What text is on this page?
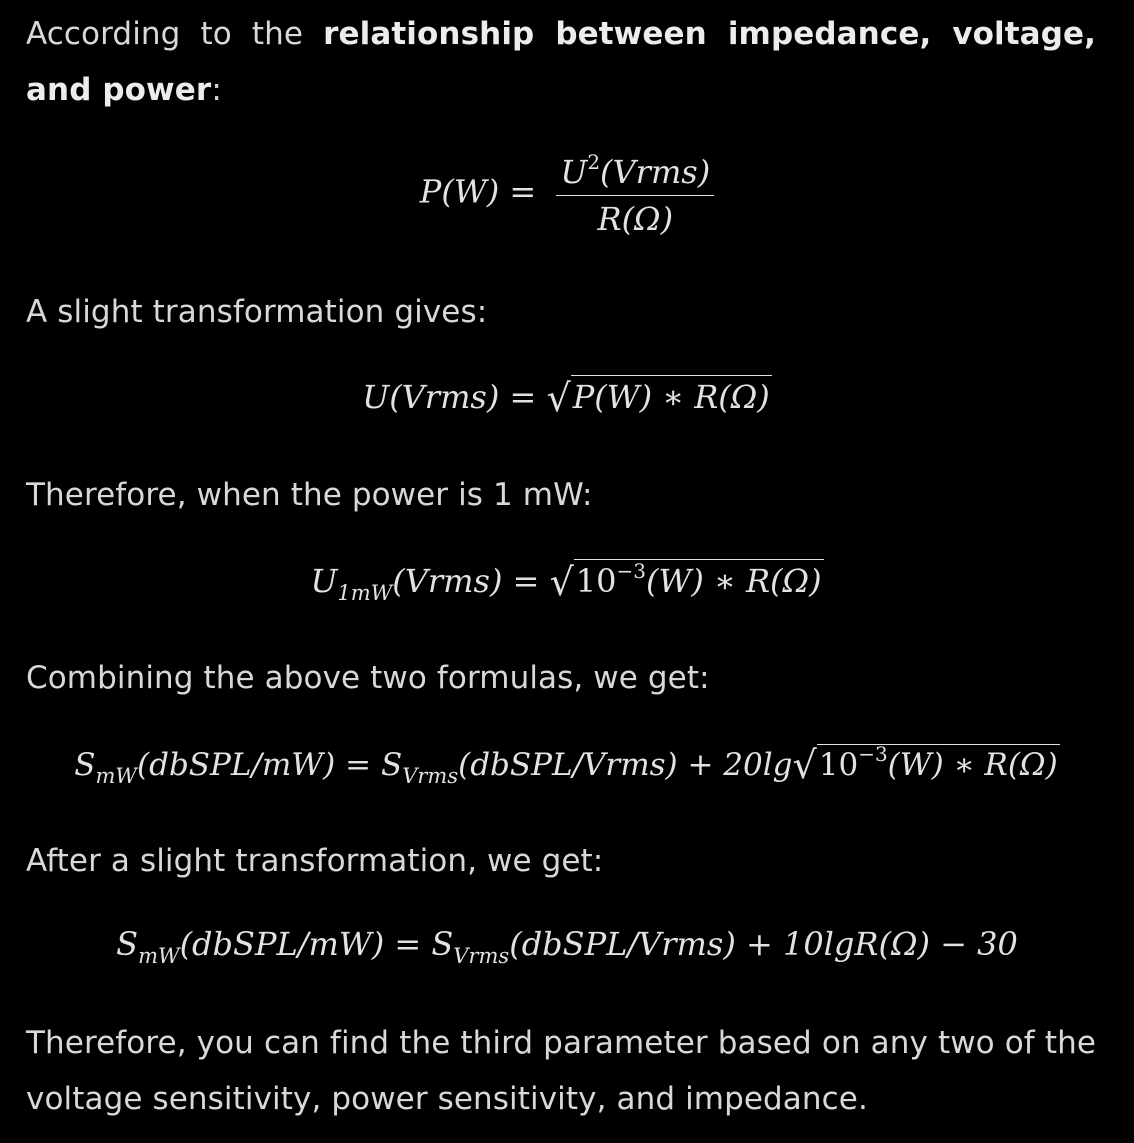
According to the relationship between impedance, voltage, and power:

$P(W) = \frac{U^2(Vrms)}{R(\Omega)}$

A slight transformation gives:

U(Vrms) = √P(W) ∗ R(Ω)

Therefore, when the power is 1 mW:

$U_{1mW}(Vrms) = √10^{-3}(W)$ ∗ R(Ω)

Combining the above two formulas, we get:

$S_{mW}(dbSPL/mW)$ = $S_{Vrms}(dbSPL/Vrms) + 20\lg√10^{-3}(W)$ ∗ R(Ω)

After a slight transformation, we get:

$S_{mW}(dbSPL/mW)$ = $S_{Vrms}(dbSPL/Vrms) + 10\lg R(\Omega) - 30$

Therefore, you can find the third parameter based on any two of the voltage sensitivity, power sensitivity, and impedance.
